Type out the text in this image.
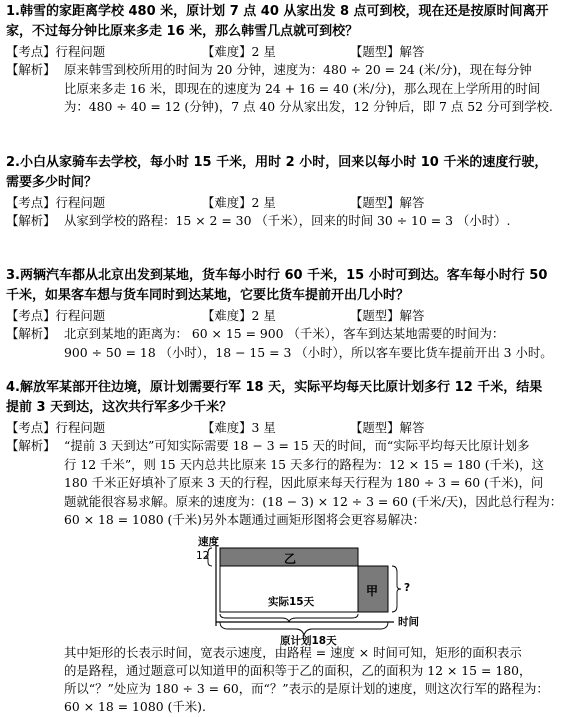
1.韩雪的家距离学校 480 米，原计划 7 点 40 从家出发 8 点可到校，现在还是按原时间离开
家，不过每分钟比原来多走 16 米，那么韩雪几点就可到校？
【考点】行程问题	【难度】2 星	【题型】解答
【解析】 原来韩雪到校所用的时间为 20 分钟，速度为：480 ÷ 20 = 24 (米/分)，现在每分钟
比原来多走 16 米，即现在的速度为 24 + 16 = 40 (米/分)，那么现在上学所用的时间
为：480 ÷ 40 = 12 (分钟)，7 点 40 分从家出发，12 分钟后，即 7 点 52 分可到学校.
2.小白从家骑车去学校，每小时 15 千米，用时 2 小时，回来以每小时 10 千米的速度行驶，
需要多少时间？
【考点】行程问题	【难度】2 星	【题型】解答
【解析】 从家到学校的路程：15 × 2 = 30 （千米），回来的时间 30 ÷ 10 = 3 （小时）.
3.两辆汽车都从北京出发到某地，货车每小时行 60 千米，15 小时可到达。客车每小时行 50
千米，如果客车想与货车同时到达某地，它要比货车提前开出几小时？
【考点】行程问题	【难度】2 星	【题型】解答
【解析】 北京到某地的距离为： 60 × 15 = 900 （千米），客车到达某地需要的时间为：
900 ÷ 50 = 18 （小时），18 − 15 = 3 （小时），所以客车要比货车提前开出 3 小时。
4.解放军某部开往边境，原计划需要行军 18 天，实际平均每天比原计划多行 12 千米，结果
提前 3 天到达，这次共行军多少千米？
【考点】行程问题	【难度】3 星	【题型】解答
【解析】 “提前 3 天到达”可知实际需要 18 − 3 = 15 天的时间，而“实际平均每天比原计划多
行 12 千米”，则 15 天内总共比原来 15 天多行的路程为：12 × 15 = 180 (千米)，这
180 千米正好填补了原来 3 天的行程，因此原来每天行程为 180 ÷ 3 = 60 (千米)，问
题就能很容易求解。原来的速度为：(18 − 3) × 12 ÷ 3 = 60 (千米/天)，因此总行程为：
60 × 18 = 1080 (千米)另外本题通过画矩形图将会更容易解决：
速度
12	乙
甲 ?
时间
实际15天
原计划18天
其中矩形的长表示时间，宽表示速度，由路程 = 速度 × 时间可知，矩形的面积表示
的是路程，通过题意可以知道甲的面积等于乙的面积，乙的面积为 12 × 15 = 180，
所以“？”处应为 180 ÷ 3 = 60，而“？”表示的是原计划的速度，则这次行军的路程为：
60 × 18 = 1080 (千米).
